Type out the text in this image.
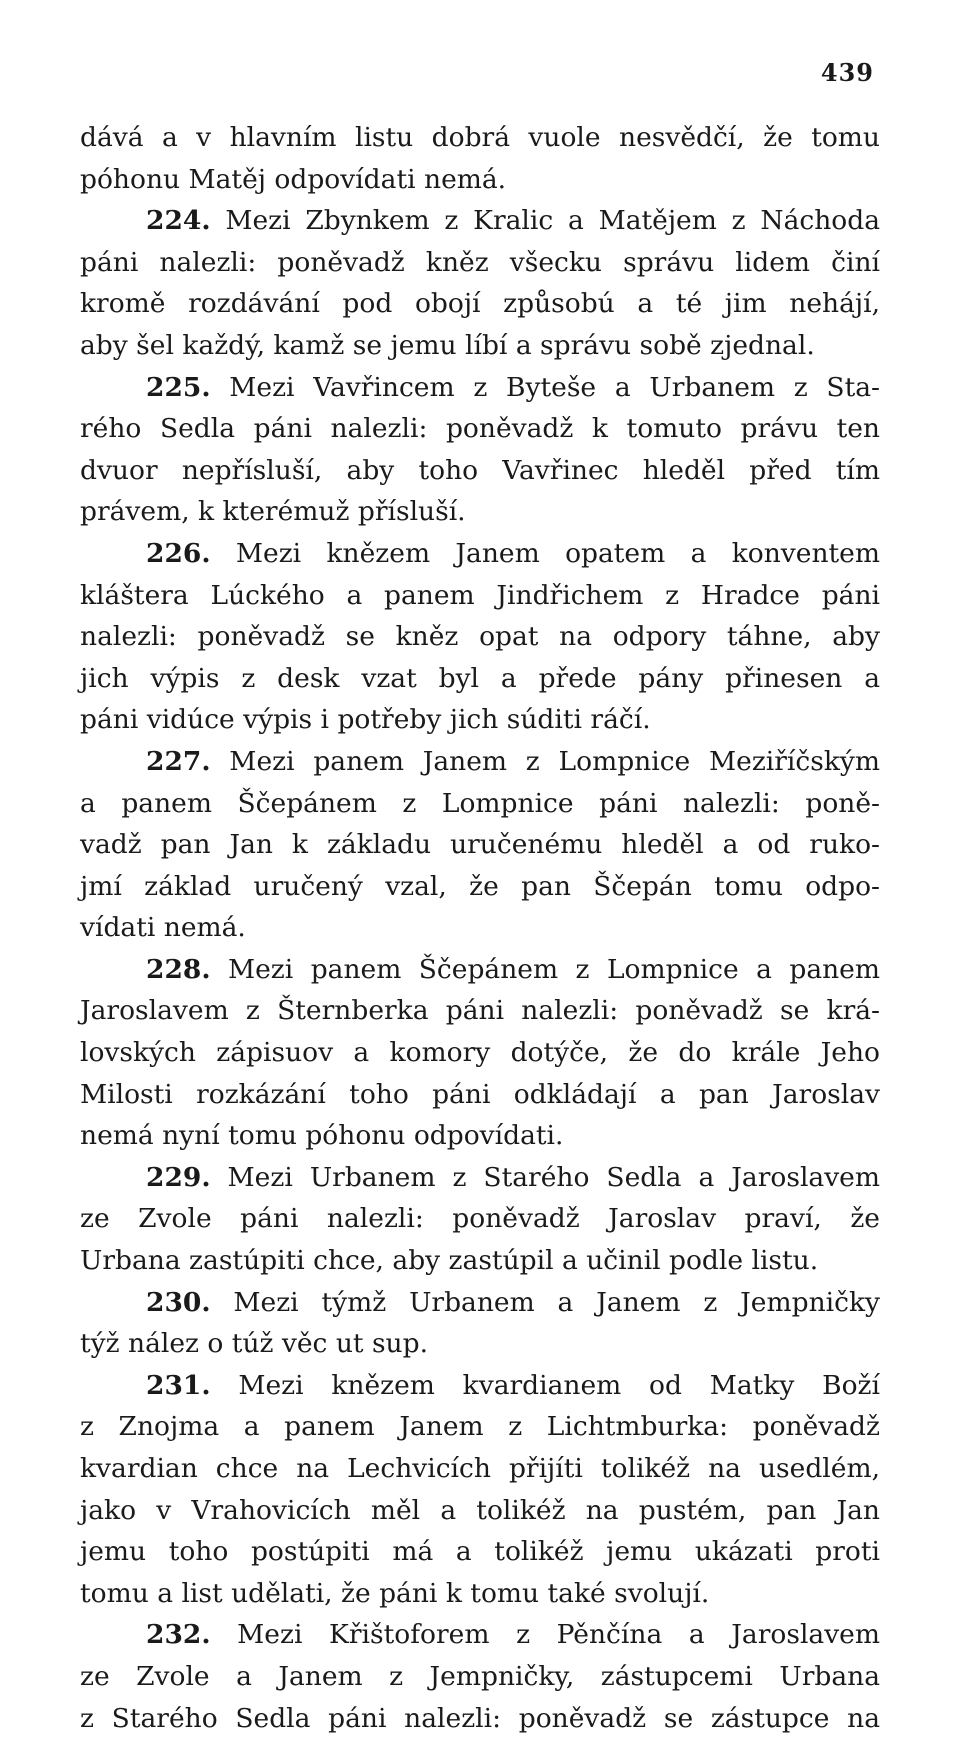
439
dává a v hlavním listu dobrá vuole nesvědčí, že tomu
póhonu Matěj odpovídati nemá.
224. Mezi Zbynkem z Kralic a Matějem z Náchoda
páni nalezli: poněvadž kněz všecku správu lidem činí
kromě rozdávání pod obojí způsobú a té jim nehájí,
aby šel každý, kamž se jemu líbí a správu sobě zjednal.
225. Mezi Vavřincem z Byteše a Urbanem z Sta-
rého Sedla páni nalezli: poněvadž k tomuto právu ten
dvuor nepřísluší, aby toho Vavřinec hleděl před tím
právem, k kterémuž přísluší.
226. Mezi knězem Janem opatem a konventem
kláštera Lúckého a panem Jindřichem z Hradce páni
nalezli: poněvadž se kněz opat na odpory táhne, aby
jich výpis z desk vzat byl a přede pány přinesen a
páni vidúce výpis i potřeby jich súditi ráčí.
227. Mezi panem Janem z Lompnice Meziříčským
a panem Ščepánem z Lompnice páni nalezli: poně-
vadž pan Jan k základu uručenému hleděl a od ruko-
jmí základ uručený vzal, že pan Ščepán tomu odpo-
vídati nemá.
228. Mezi panem Ščepánem z Lompnice a panem
Jaroslavem z Šternberka páni nalezli: poněvadž se krá-
lovských zápisuov a komory dotýče, že do krále Jeho
Milosti rozkázání toho páni odkládají a pan Jaroslav
nemá nyní tomu póhonu odpovídati.
229. Mezi Urbanem z Starého Sedla a Jaroslavem
ze Zvole páni nalezli: poněvadž Jaroslav praví, že
Urbana zastúpiti chce, aby zastúpil a učinil podle listu.
230. Mezi týmž Urbanem a Janem z Jempničky
týž nález o túž věc ut sup.
231. Mezi knězem kvardianem od Matky Boží
z Znojma a panem Janem z Lichtmburka: poněvadž
kvardian chce na Lechvicích přijíti tolikéž na usedlém,
jako v Vrahovicích měl a tolikéž na pustém, pan Jan
jemu toho postúpiti má a tolikéž jemu ukázati proti
tomu a list udělati, že páni k tomu také svolují.
232. Mezi Křištoforem z Pěnčína a Jaroslavem
ze Zvole a Janem z Jempničky, zástupcemi Urbana
z Starého Sedla páni nalezli: poněvadž se zástupce na
